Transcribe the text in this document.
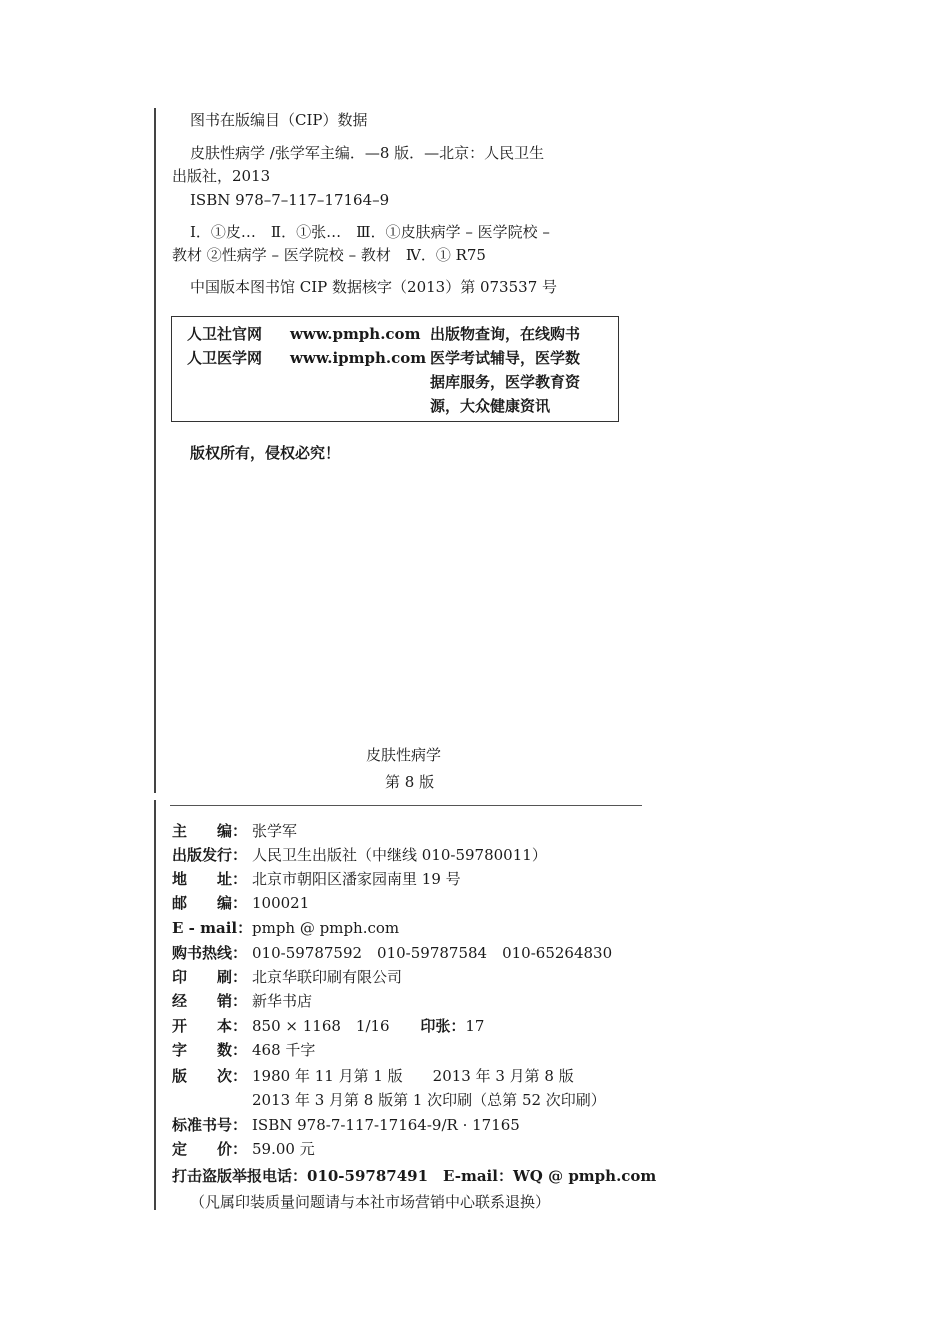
图书在版编目（CIP）数据
皮肤性病学 /张学军主编．—8 版．—北京：人民卫生
出版社，2013
ISBN 978–7–117–17164–9
Ⅰ．①皮…　Ⅱ．①张…　Ⅲ．①皮肤病学 – 医学院校 –
教材 ②性病学 – 医学院校 – 教材　Ⅳ．① R75
中国版本图书馆 CIP 数据核字（2013）第 073537 号
人卫社官网 www.pmph.com
人卫医学网 www.ipmph.com
出版物查询，在线购书
医学考试辅导，医学数
据库服务，医学教育资
源，大众健康资讯
版权所有，侵权必究！
皮肤性病学
第 8 版
主　　编： 张学军
出版发行： 人民卫生出版社（中继线 010-59780011）
地　　址： 北京市朝阳区潘家园南里 19 号
邮　　编： 100021
E - mail：pmph @ pmph.com
购书热线： 010-59787592　010-59787584　010-65264830
印　　刷： 北京华联印刷有限公司
经　　销： 新华书店
开　　本： 850 × 1168　1/16 印张：17
字　　数： 468 千字
版　　次： 1980 年 11 月第 1 版　　2013 年 3 月第 8 版
2013 年 3 月第 8 版第 1 次印刷（总第 52 次印刷）
标准书号： ISBN 978-7-117-17164-9/R · 17165
定　　价： 59.00 元
打击盗版举报电话：010-59787491　E-mail：WQ @ pmph.com
（凡属印装质量问题请与本社市场营销中心联系退换）
